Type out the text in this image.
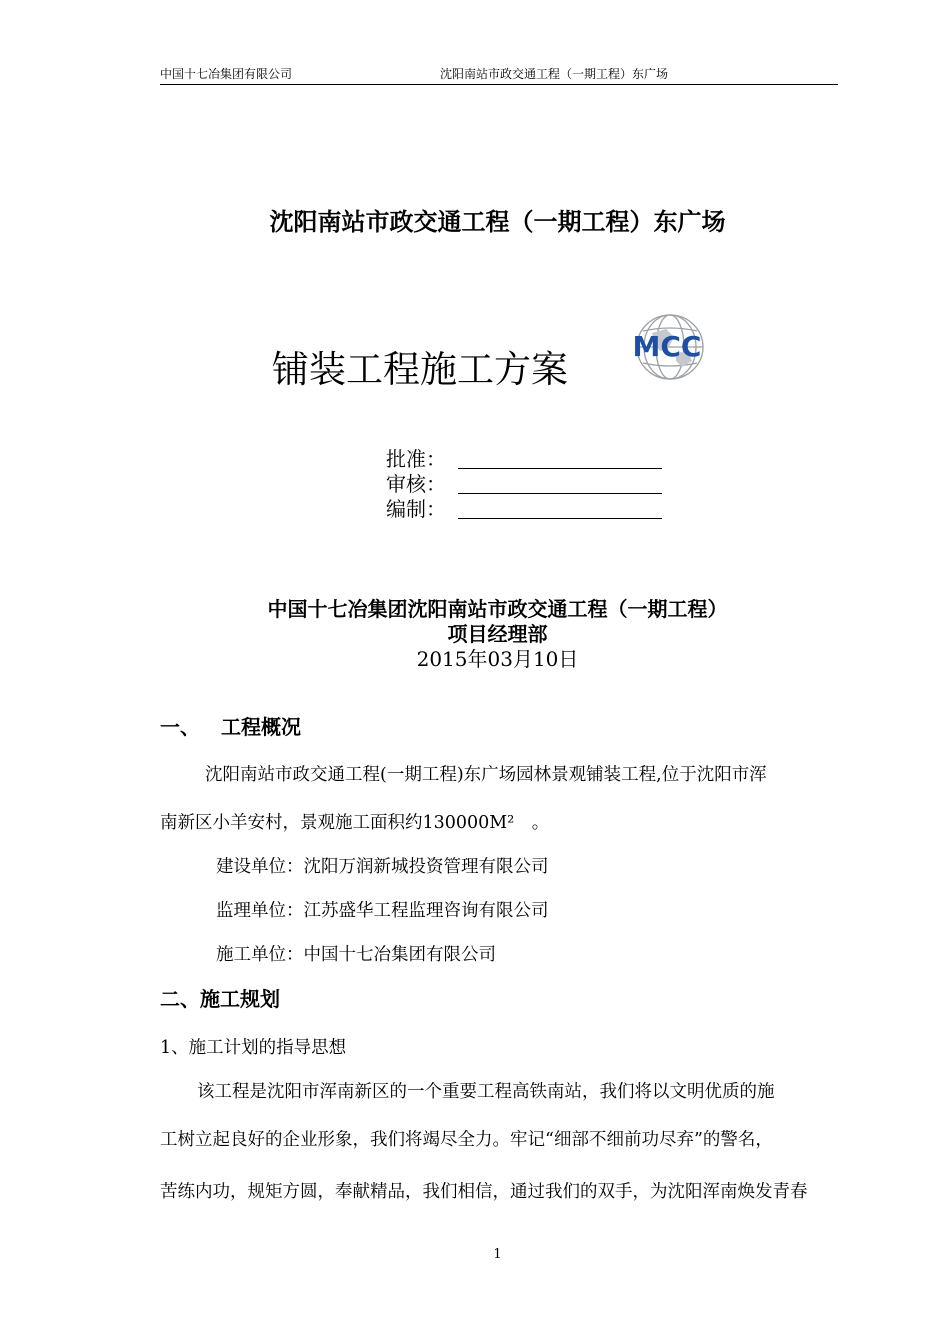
中国十七冶集团有限公司	沈阳南站市政交通工程（一期工程）东广场
沈阳南站市政交通工程（一期工程）东广场
铺装工程施工方案
MCC
批准：
审核：
编制：
中国十七冶集团沈阳南站市政交通工程（一期工程）
项目经理部
2015年03月10日
一、 工程概况
沈阳南站市政交通工程(一期工程)东广场园林景观铺装工程,位于沈阳市浑
南新区小羊安村，景观施工面积约130000M²　。
建设单位：沈阳万润新城投资管理有限公司
监理单位：江苏盛华工程监理咨询有限公司
施工单位：中国十七冶集团有限公司
二、施工规划
1、施工计划的指导思想
该工程是沈阳市浑南新区的一个重要工程高铁南站，我们将以文明优质的施
工树立起良好的企业形象，我们将竭尽全力。牢记“细部不细前功尽弃”的警名，
苦练内功，规矩方圆，奉献精品，我们相信，通过我们的双手，为沈阳浑南焕发青春
1
